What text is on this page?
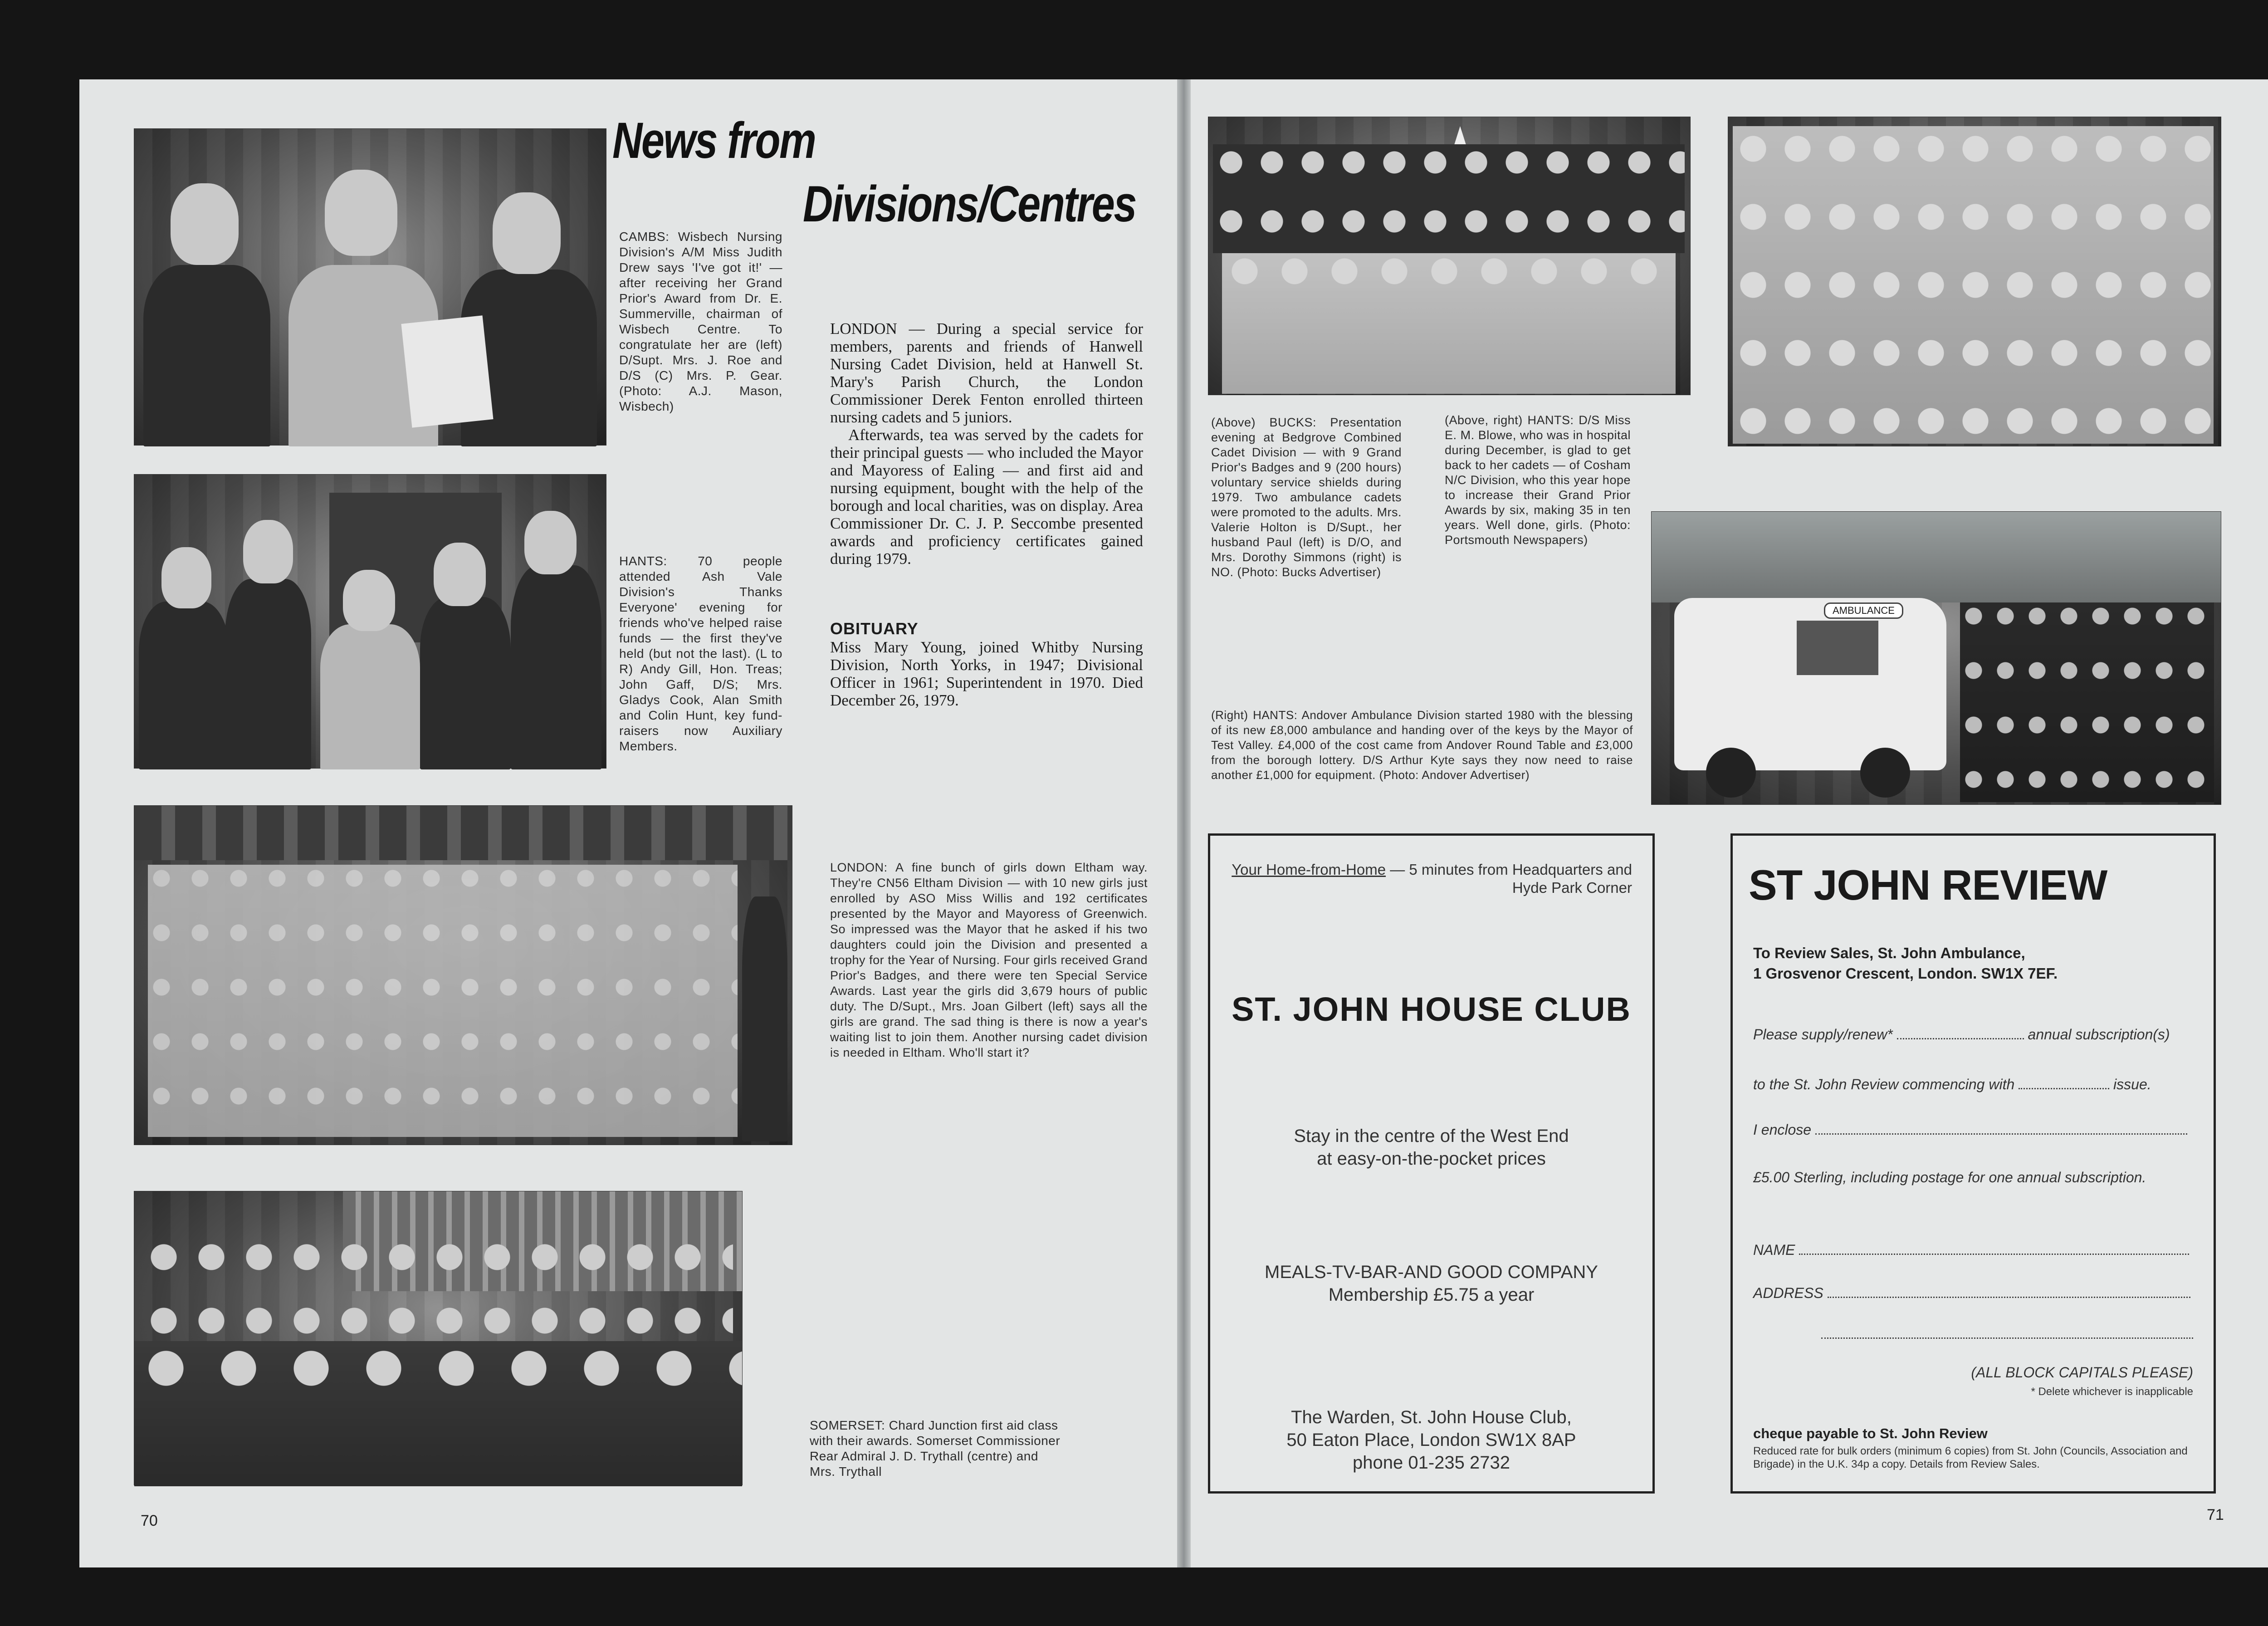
News from
Divisions/Centres
CAMBS: Wisbech Nursing Division's A/M Miss Judith Drew says 'I've got it!' — after receiving her Grand Prior's Award from Dr. E. Summerville, chairman of Wisbech Centre. To congratulate her are (left) D/Supt. Mrs. J. Roe and D/S (C) Mrs. P. Gear. (Photo: A.J. Mason, Wisbech)
LONDON — During a special service for members, parents and friends of Hanwell Nursing Cadet Division, held at Hanwell St. Mary's Parish Church, the London Commissioner Derek Fenton enrolled thirteen nursing cadets and 5 juniors.
Afterwards, tea was served by the cadets for their principal guests — who included the Mayor and Mayoress of Ealing — and first aid and nursing equipment, bought with the help of the borough and local charities, was on display. Area Commissioner Dr. C. J. P. Seccombe presented awards and proficiency certificates gained during 1979.
OBITUARY
Miss Mary Young, joined Whitby Nursing Division, North Yorks, in 1947; Divisional Officer in 1961; Superintendent in 1970. Died December 26, 1979.
HANTS: 70 people attended Ash Vale Division's Thanks Everyone' evening for friends who've helped raise funds — the first they've held (but not the last). (L to R) Andy Gill, Hon. Treas; John Gaff, D/S; Mrs. Gladys Cook, Alan Smith and Colin Hunt, key fund-raisers now Auxiliary Members.
LONDON: A fine bunch of girls down Eltham way. They're CN56 Eltham Division — with 10 new girls just enrolled by ASO Miss Willis and 192 certificates presented by the Mayor and Mayoress of Greenwich. So impressed was the Mayor that he asked if his two daughters could join the Division and presented a trophy for the Year of Nursing. Four girls received Grand Prior's Badges, and there were ten Special Service Awards. Last year the girls did 3,679 hours of public duty. The D/Supt., Mrs. Joan Gilbert (left) says all the girls are grand. The sad thing is there is now a year's waiting list to join them. Another nursing cadet division is needed in Eltham. Who'll start it?
SOMERSET: Chard Junction first aid class with their awards. Somerset Commissioner Rear Admiral J. D. Trythall (centre) and Mrs. Trythall
70
(Above) BUCKS: Presentation evening at Bedgrove Combined Cadet Division — with 9 Grand Prior's Badges and 9 (200 hours) voluntary service shields during 1979. Two ambulance cadets were promoted to the adults. Mrs. Valerie Holton is D/Supt., her husband Paul (left) is D/O, and Mrs. Dorothy Simmons (right) is NO. (Photo: Bucks Advertiser)
(Above, right) HANTS: D/S Miss E. M. Blowe, who was in hospital during December, is glad to get back to her cadets — of Cosham N/C Division, who this year hope to increase their Grand Prior Awards by six, making 35 in ten years. Well done, girls. (Photo: Portsmouth Newspapers)
AMBULANCE
(Right) HANTS: Andover Ambulance Division started 1980 with the blessing of its new £8,000 ambulance and handing over of the keys by the Mayor of Test Valley. £4,000 of the cost came from Andover Round Table and £3,000 from the borough lottery. D/S Arthur Kyte says they now need to raise another £1,000 for equipment. (Photo: Andover Advertiser)
Your Home-from-Home — 5 minutes from Headquarters and Hyde Park Corner
ST. JOHN HOUSE CLUB
Stay in the centre of the West End
at easy-on-the-pocket prices
MEALS-TV-BAR-AND GOOD COMPANY
Membership £5.75 a year
The Warden, St. John House Club,
50 Eaton Place, London SW1X 8AP
phone 01-235 2732
ST JOHN REVIEW
To Review Sales, St. John Ambulance,
1 Grosvenor Crescent, London. SW1X 7EF.
Please supply/renew*	annual subscription(s)
to the St. John Review commencing with	issue.
I enclose
£5.00 Sterling, including postage for one annual subscription.
NAME
ADDRESS
(ALL BLOCK CAPITALS PLEASE)
* Delete whichever is inapplicable
cheque payable to St. John Review
Reduced rate for bulk orders (minimum 6 copies) from St. John (Councils, Association and Brigade) in the U.K. 34p a copy. Details from Review Sales.
71
